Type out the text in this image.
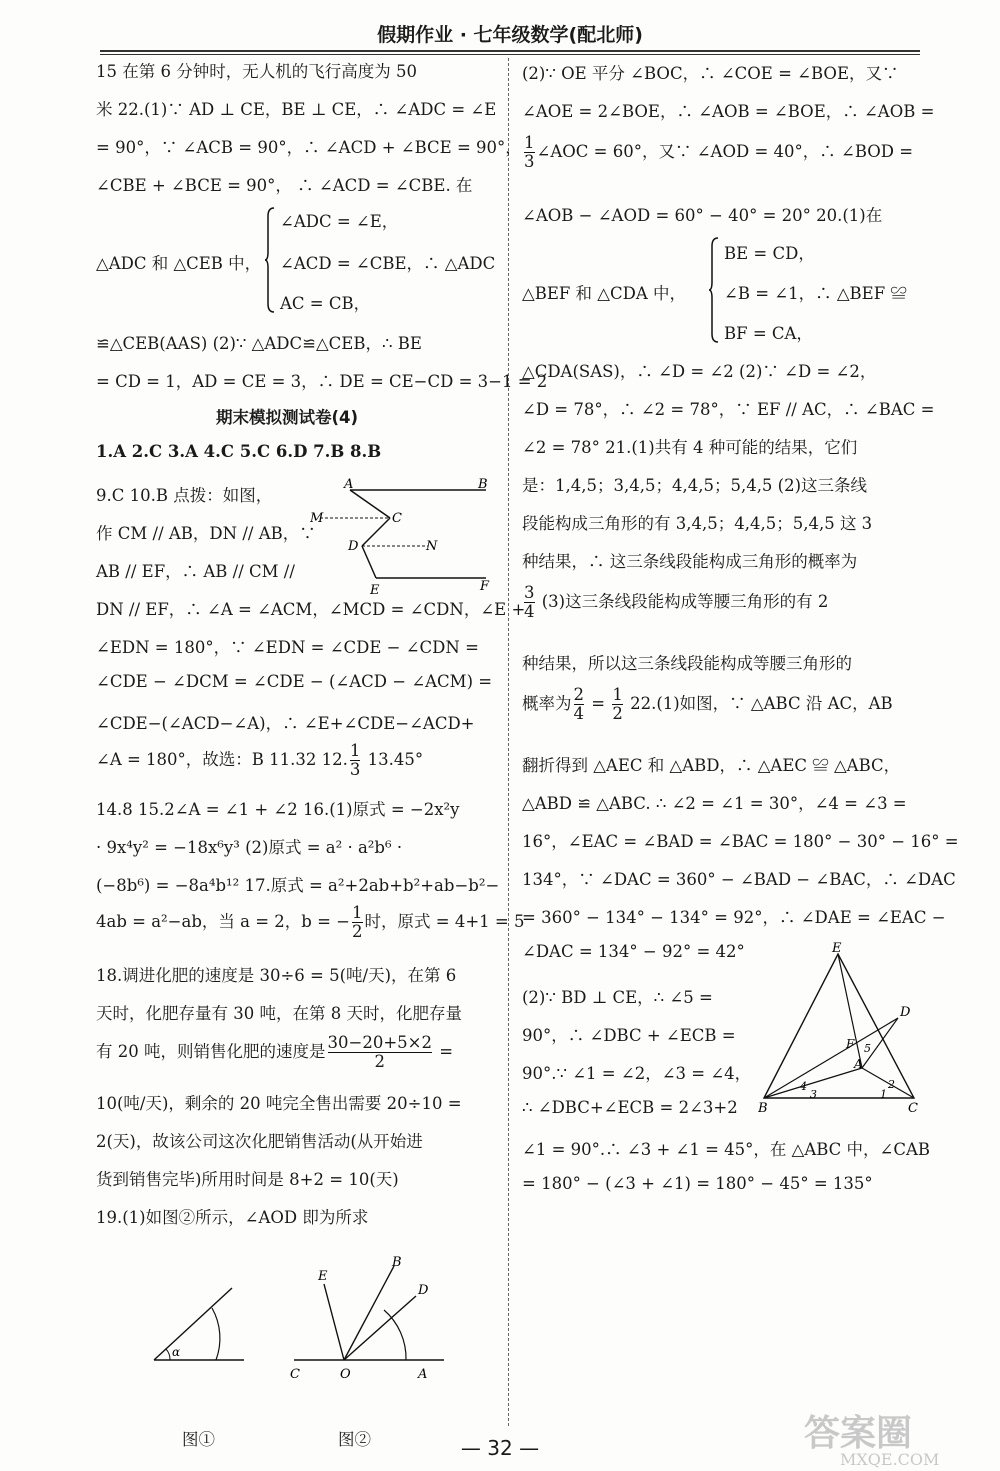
假期作业 · 七年级数学(配北师)
15 在第 6 分钟时，无人机的飞行高度为 50
米 22.(1)∵ AD ⊥ CE，BE ⊥ CE，∴ ∠ADC = ∠E
= 90°，∵ ∠ACB = 90°，∴ ∠ACD + ∠BCE = 90°，
∠CBE + ∠BCE = 90°， ∴ ∠ACD = ∠CBE. 在
△ADC 和 △CEB 中，
∠ADC = ∠E，
∠ACD = ∠CBE，∴ △ADC
AC = CB，
≌△CEB(AAS) (2)∵ △ADC≌△CEB，∴ BE
= CD = 1，AD = CE = 3，∴ DE = CE−CD = 3−1 = 2
期末模拟测试卷(4)
1.A 2.C 3.A 4.C 5.C 6.D 7.B 8.B
9.C 10.B 点拨：如图，
作 CM // AB，DN // AB，∵
AB // EF，∴ AB // CM //
A	B
M	C
D	N
E	F
DN // EF，∴ ∠A = ∠ACM，∠MCD = ∠CDN，∠E +
∠EDN = 180°，∵ ∠EDN = ∠CDE − ∠CDN =
∠CDE − ∠DCM = ∠CDE − (∠ACD − ∠ACM) =
∠CDE−(∠ACD−∠A)，∴ ∠E+∠CDE−∠ACD+
∠A = 180°，故选：B 11.32 12. $\frac{1}{3} 13.45^\circ$
14.8 15.2∠A = ∠1 + ∠2 16.(1)原式 = −2x²y
· 9x⁴y² = −18x⁶y³ (2)原式 = a² · a²b⁶ ·
(−8b⁶) = −8a⁴b¹² 17.原式 = a²+2ab+b²+ab−b²−
4ab = a²−ab，当 a = 2，b = − $\frac{1}{2}$ 时，原式 = 4+1 = 5
18.调进化肥的速度是 30÷6 = 5(吨/天)，在第 6
天时，化肥存量有 30 吨，在第 8 天时，化肥存量
有 20 吨，则销售化肥的速度是 $\frac{30-20+5\times 2}{2}$ =
10(吨/天)，剩余的 20 吨完全售出需要 20÷10 =
2(天)，故该公司这次化肥销售活动(从开始进
货到销售完毕)所用时间是 8+2 = 10(天)
19.(1)如图②所示，∠AOD 即为所求
α
E
B
D
C	O	A
图①	图②
(2)∵ OE 平分 ∠BOC，∴ ∠COE = ∠BOE，又∵
∠AOE = 2∠BOE，∴ ∠AOB = ∠BOE，∴ ∠AOB =
$\frac{1}{3}$ ∠AOC = 60°，又∵ ∠AOD = 40°，∴ ∠BOD =
∠AOB − ∠AOD = 60° − 40° = 20° 20.(1)在
△BEF 和 △CDA 中，
BE = CD，
∠B = ∠1，∴ △BEF ≌
BF = CA，
△CDA(SAS)，∴ ∠D = ∠2 (2)∵ ∠D = ∠2，
∠D = 78°，∴ ∠2 = 78°，∵ EF // AC，∴ ∠BAC =
∠2 = 78° 21.(1)共有 4 种可能的结果，它们
是：1,4,5；3,4,5；4,4,5；5,4,5 (2)这三条线
段能构成三角形的有 3,4,5；4,4,5；5,4,5 这 3
种结果，∴ 这三条线段能构成三角形的概率为
$\frac{3}{4} (3)$这三条线段能构成等腰三角形的有 2
种结果，所以这三条线段能构成等腰三角形的
概率为 $\frac{2}{4} = \frac{1}{2} 22.(1)$如图，∵ △ABC 沿 AC，AB
翻折得到 △AEC 和 △ABD，∴ △AEC ≌ △ABC，
△ABD ≌ △ABC. ∴ ∠2 = ∠1 = 30°，∠4 = ∠3 =
16°，∠EAC = ∠BAD = ∠BAC = 180° − 30° − 16° =
134°，∵ ∠DAC = 360° − ∠BAD − ∠BAC，∴ ∠DAC
= 360° − 134° − 134° = 92°，∴ ∠DAE = ∠EAC −
∠DAC = 134° − 92° = 42°
(2)∵ BD ⊥ CE，∴ ∠5 =
90°，∴ ∠DBC + ∠ECB =
90°.∵ ∠1 = ∠2，∠3 = ∠4，
∴ ∠DBC+∠ECB = 2∠3+2
E
D
F 5
A
4
3
2
1
B	C
∠1 = 90°.∴ ∠3 + ∠1 = 45°，在 △ABC 中，∠CAB
= 180° − (∠3 + ∠1) = 180° − 45° = 135°
— 32 —	答案圈
MXQE.COM
